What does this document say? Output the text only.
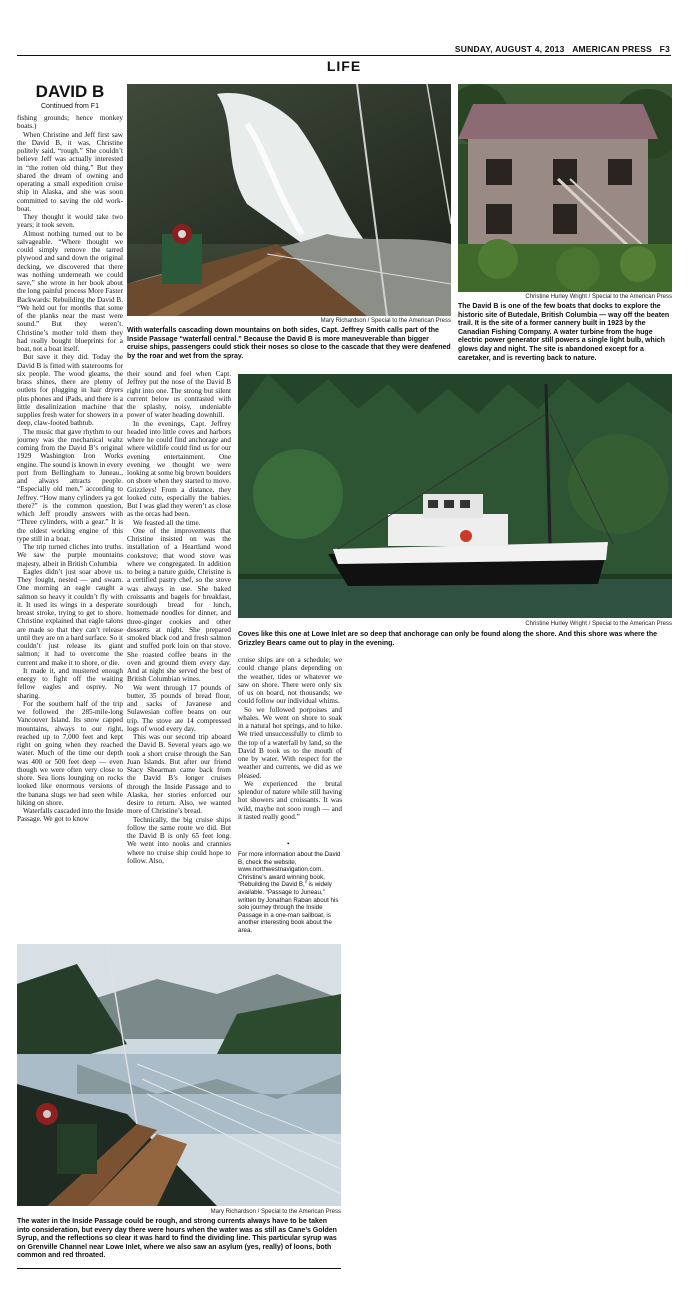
SUNDAY, AUGUST 4, 2013 AMERICAN PRESS F3
LIFE
DAVID B
Continued from F1

fishing grounds; hence monkey boats.)

When Christine and Jeff first saw the David B, it was, Christine politely said, “rough.” She couldn’t believe Jeff was actually interested in “the rotten old thing.” But they shared the dream of owning and operating a small expedition cruise ship in Alaska, and she was soon committed to saving the old work-boat.

They thought it would take two years; it took seven.

Almost nothing turned out to be salvageable. “Where thought we could simply remove the tarred plywood and sand down the original decking, we discovered that there was nothing underneath we could save,” she wrote in her book about the long painful process More Faster Backwards: Rebuilding the David B. “We held out for months that some of the planks near the mast were sound.” But they weren’t. Christine’s mother told them they had really bought blueprints for a boat, not a boat itself.

But save it they did. Today the David B is fitted with staterooms for six people. The wood gleams, the brass shines, there are plenty of outlets for plugging in hair dryers plus phones and iPads, and there is a little desalinization machine that supplies fresh water for showers in a deep, claw-footed bathtub.

The music that gave rhythm to our journey was the mechanical waltz coming from the David B’s original 1929 Washington Iron Works engine. The sound is known in every port from Bellingham to Juneau., and always attracts people. “Especially old men,” according to Jeffrey. “How many cylinders ya got there?” is the common question, which Jeff proudly answers with “Three cylinders, with a gear.” It is the oldest working engine of this type still in a boat.

The trip turned cliches into truths. We saw the purple mountains majesty, albeit in British Columbia

Eagles didn’t just soar above us. They fought, nested — and swam. One morning an eagle caught a salmon so heavy it couldn’t fly with it. It used its wings in a desperate breast stroke, trying to get to shore. Christine explained that eagle talons are made so that they can’t release until they are on a hard surface. So it couldn’t just release its giant salmon; it had to overcome the current and make it to shore, or die.

It made it, and mustered enough energy to fight off the waiting fellow eagles and osprey. No sharing.

For the southern half of the trip we followed the 285-mile-long Vancouver Island. Its snow capped mountains, always to our right, reached up to 7,000 feet and kept right on going when they reached water. Much of the time our depth was 400 or 500 feet deep — even though we were often very close to shore. Sea lions lounging on rocks looked like enormous versions of the banana slugs we had seen while hiking on shore.

Waterfalls cascaded into the Inside Passage. We got to know

Mary Richardson / Special to the American Press
With waterfalls cascading down mountains on both sides, Capt. Jeffrey Smith calls part of the Inside Passage “waterfall central.” Because the David B is more maneuverable than bigger cruise ships, passengers could stick their noses so close to the cascade that they were deafened by the roar and wet from the spray.
Christine Hurley Wright / Special to the American Press
The David B is one of the few boats that docks to explore the historic site of Butedale, British Columbia — way off the beaten trail. It is the site of a former cannery built in 1923 by the Canadian Fishing Company. A water turbine from the huge electric power generator still powers a single light bulb, which glows day and night. The site is abandoned except for a caretaker, and is reverting back to nature.

their sound and feel when Capt. Jeffrey put the nose of the David B right into one. The strong but silent current below us contrasted with the splashy, noisy, undeniable power of water heading downhill.

In the evenings, Capt. Jeffrey headed into little coves and harbors where he could find anchorage and where wildlife could find us for our evening entertainment. One evening we thought we were looking at some big brown boulders on shore when they started to move. Grizzleys! From a distance, they looked cute, especially the babies. But I was glad they weren’t as close as the orcas had been.

We feasted all the time.

One of the improvements that Christine insisted on was the installation of a Heartland wood cookstove; that wood stove was where we congregated. In addition to being a nature guide, Christine is a certified pastry chef, so the stove was always in use. She baked croissants and bagels for breakfast, sourdough bread for lunch, homemade noodles for dinner, and three-ginger cookies and other desserts at night. She prepared smoked black cod and fresh salmon and stuffed pork loin on that stove. She roasted coffee beans in the oven and ground them every day. And at night she served the best of British Columbian wines.

We went through 17 pounds of butter, 35 pounds of bread flour, and sacks of Javanese and Sulawesian coffee beans on our trip. The stove ate 14 compressed logs of wood every day.

This was our second trip aboard the David B. Several years ago we took a short cruise through the San Juan Islands. But after our friend Stacy Shearman came back from the David B’s longer cruises through the Inside Passage and to Alaska, her stories enforced our desire to return. Also, we wanted more of Christine’s bread.

Technically, the big cruise ships follow the same route we did. But the David B is only 65 feet long. We went into nooks and crannies where no cruise ship could hope to follow. Also,

Christine Hurley Wright / Special to the American Press
Coves like this one at Lowe Inlet are so deep that anchorage can only be found along the shore. And this shore was where the Grizzley Bears came out to play in the evening.

cruise ships are on a schedule; we could change plans depending on the weather, tides or whatever we saw on shore. There were only six of us on board, not thousands; we could follow our individual whims.

So we followed porpoises and whales. We went on shore to soak in a natural hot springs, and to hike. We tried unsuccessfully to climb to the top of a waterfall by land, so the David B took us to the mouth of one by water. With respect for the weather and currents, we did as we pleased.

We experienced the brutal splendor of nature while still having hot showers and croissants. It was wild, maybe not sooo rough — and it tasted really good.”

•
For more information about the David B, check the website, www.northwestnavigation.com. Christine’s award winning book, “Rebuilding the David B,” is widely available. “Passage to Juneau,” written by Jonathan Raban about his solo journey through the Inside Passage in a one-man sailboat, is another interesting book about the area.
Mary Richardson / Special to the American Press
The water in the Inside Passage could be rough, and strong currents always have to be taken into consideration, but every day there were hours when the water was as still as Cane’s Golden Syrup, and the reflections so clear it was hard to find the dividing line. This particular syrup was on Grenville Channel near Lowe Inlet, where we also saw an asylum (yes, really) of loons, both common and red throated.
